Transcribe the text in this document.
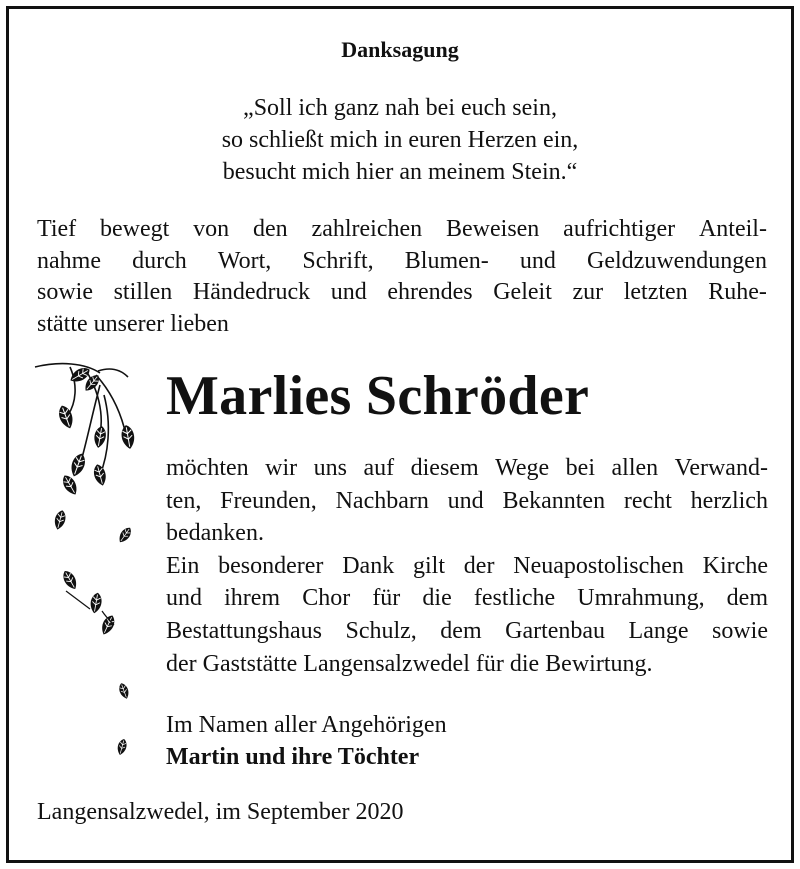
Danksagung
„Soll ich ganz nah bei euch sein,
so schließt mich in euren Herzen ein,
besucht mich hier an meinem Stein.“
Tief bewegt von den zahlreichen Beweisen aufrichtiger Anteil-
nahme durch Wort, Schrift, Blumen- und Geldzuwendungen
sowie stillen Händedruck und ehrendes Geleit zur letzten Ruhe-
stätte unserer lieben
Marlies Schröder
möchten wir uns auf diesem Wege bei allen Verwand-
ten, Freunden, Nachbarn und Bekannten recht herzlich
bedanken.
Ein besonderer Dank gilt der Neuapostolischen Kirche
und ihrem Chor für die festliche Umrahmung, dem
Bestattungshaus Schulz, dem Gartenbau Lange sowie
der Gaststätte Langensalzwedel für die Bewirtung.
Im Namen aller Angehörigen
Martin und ihre Töchter
Langensalzwedel, im September 2020
